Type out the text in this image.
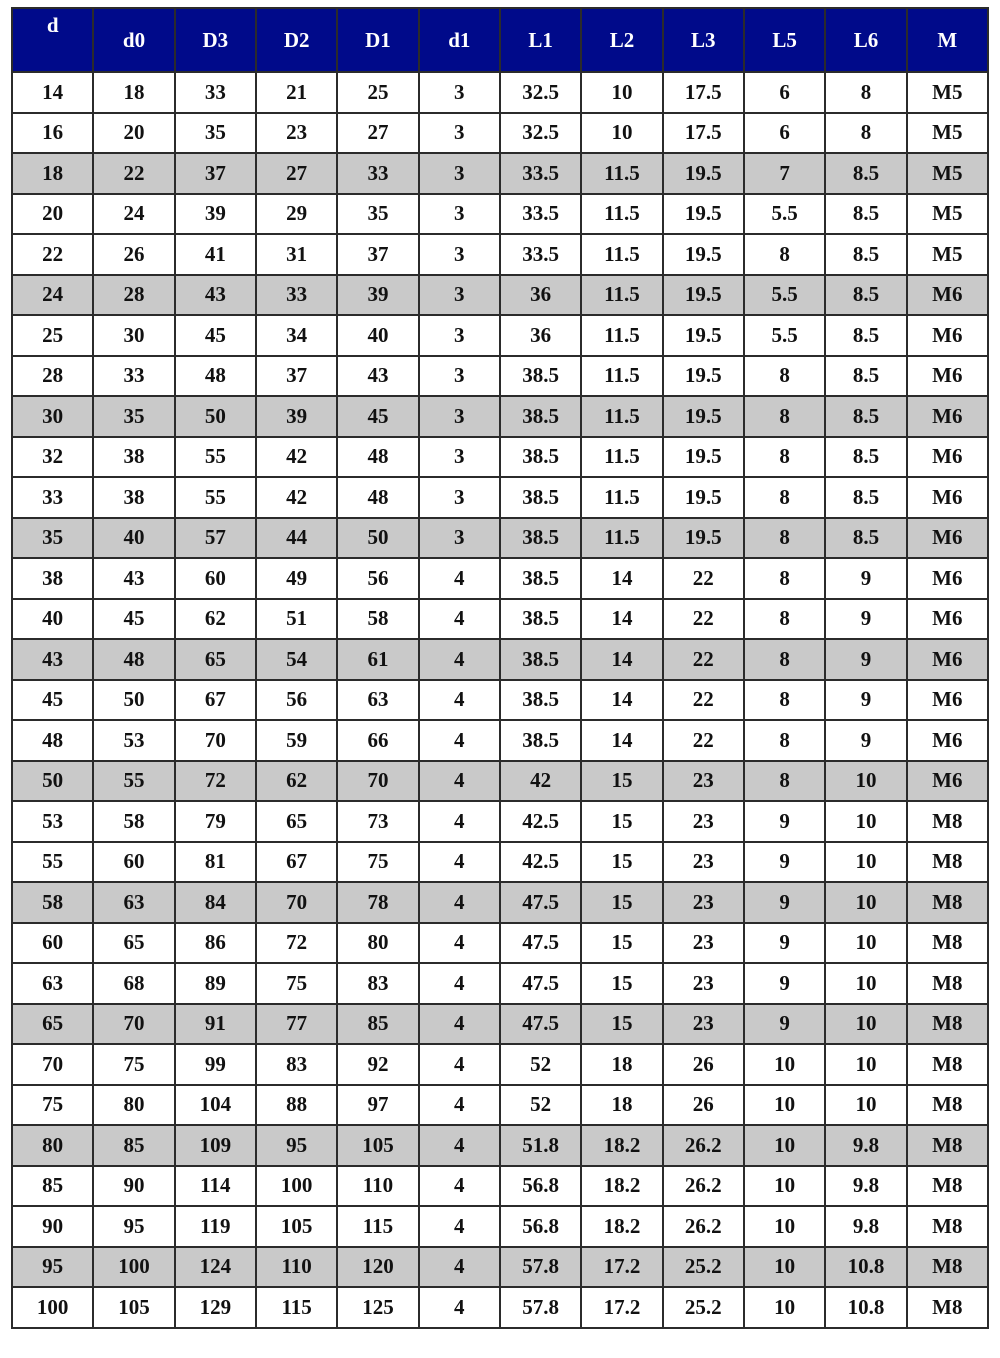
d	d0	D3	D2	D1	d1	L1	L2	L3	L5	L6	M
14	18	33	21	25	3	32.5	10	17.5	6	8	M5
16	20	35	23	27	3	32.5	10	17.5	6	8	M5
18	22	37	27	33	3	33.5	11.5	19.5	7	8.5	M5
20	24	39	29	35	3	33.5	11.5	19.5	5.5	8.5	M5
22	26	41	31	37	3	33.5	11.5	19.5	8	8.5	M5
24	28	43	33	39	3	36	11.5	19.5	5.5	8.5	M6
25	30	45	34	40	3	36	11.5	19.5	5.5	8.5	M6
28	33	48	37	43	3	38.5	11.5	19.5	8	8.5	M6
30	35	50	39	45	3	38.5	11.5	19.5	8	8.5	M6
32	38	55	42	48	3	38.5	11.5	19.5	8	8.5	M6
33	38	55	42	48	3	38.5	11.5	19.5	8	8.5	M6
35	40	57	44	50	3	38.5	11.5	19.5	8	8.5	M6
38	43	60	49	56	4	38.5	14	22	8	9	M6
40	45	62	51	58	4	38.5	14	22	8	9	M6
43	48	65	54	61	4	38.5	14	22	8	9	M6
45	50	67	56	63	4	38.5	14	22	8	9	M6
48	53	70	59	66	4	38.5	14	22	8	9	M6
50	55	72	62	70	4	42	15	23	8	10	M6
53	58	79	65	73	4	42.5	15	23	9	10	M8
55	60	81	67	75	4	42.5	15	23	9	10	M8
58	63	84	70	78	4	47.5	15	23	9	10	M8
60	65	86	72	80	4	47.5	15	23	9	10	M8
63	68	89	75	83	4	47.5	15	23	9	10	M8
65	70	91	77	85	4	47.5	15	23	9	10	M8
70	75	99	83	92	4	52	18	26	10	10	M8
75	80	104	88	97	4	52	18	26	10	10	M8
80	85	109	95	105	4	51.8	18.2	26.2	10	9.8	M8
85	90	114	100	110	4	56.8	18.2	26.2	10	9.8	M8
90	95	119	105	115	4	56.8	18.2	26.2	10	9.8	M8
95	100	124	110	120	4	57.8	17.2	25.2	10	10.8	M8
100	105	129	115	125	4	57.8	17.2	25.2	10	10.8	M8
